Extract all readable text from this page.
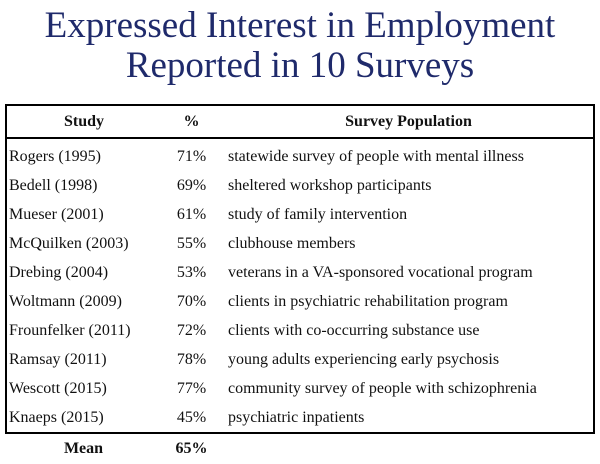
Expressed Interest in Employment
Reported in 10 Surveys
Study	%	Survey Population
Rogers (1995)	71%	statewide survey of people with mental illness
Bedell (1998)	69%	sheltered workshop participants
Mueser (2001)	61%	study of family intervention
McQuilken (2003)	55%	clubhouse members
Drebing (2004)	53%	veterans in a VA-sponsored vocational program
Woltmann (2009)	70%	clients in psychiatric rehabilitation program
Frounfelker (2011)	72%	clients with co-occurring substance use
Ramsay (2011)	78%	young adults experiencing early psychosis
Wescott (2015)	77%	community survey of people with schizophrenia
Knaeps (2015)	45%	psychiatric inpatients
Mean	65%	
